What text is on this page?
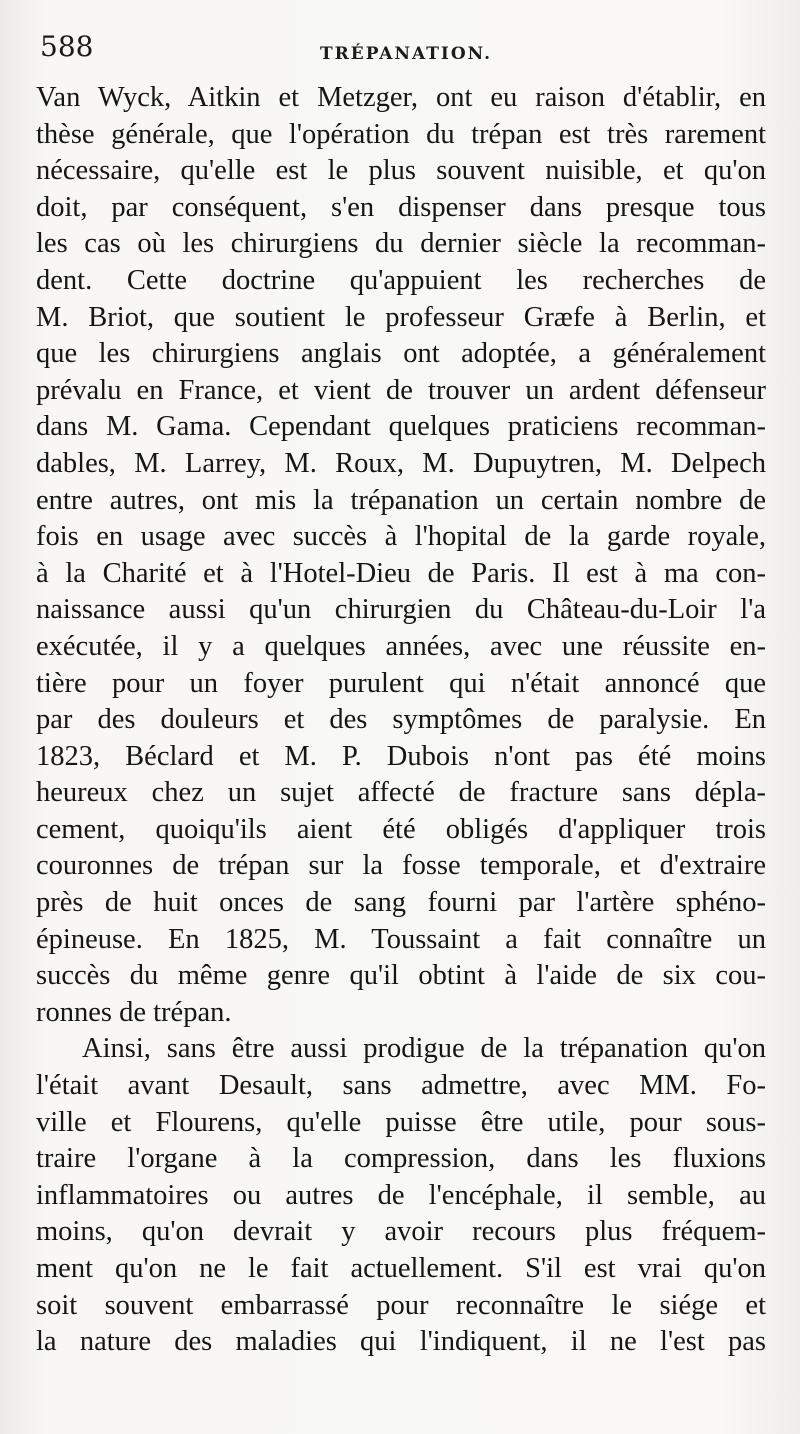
588	TRÉPANATION.
Van Wyck, Aitkin et Metzger, ont eu raison d'établir, en
thèse générale, que l'opération du trépan est très rarement
nécessaire, qu'elle est le plus souvent nuisible, et qu'on
doit, par conséquent, s'en dispenser dans presque tous
les cas où les chirurgiens du dernier siècle la recomman-
dent. Cette doctrine qu'appuient les recherches de
M. Briot, que soutient le professeur Græfe à Berlin, et
que les chirurgiens anglais ont adoptée, a généralement
prévalu en France, et vient de trouver un ardent défenseur
dans M. Gama. Cependant quelques praticiens recomman-
dables, M. Larrey, M. Roux, M. Dupuytren, M. Delpech
entre autres, ont mis la trépanation un certain nombre de
fois en usage avec succès à l'hopital de la garde royale,
à la Charité et à l'Hotel-Dieu de Paris. Il est à ma con-
naissance aussi qu'un chirurgien du Château-du-Loir l'a
exécutée, il y a quelques années, avec une réussite en-
tière pour un foyer purulent qui n'était annoncé que
par des douleurs et des symptômes de paralysie. En
1823, Béclard et M. P. Dubois n'ont pas été moins
heureux chez un sujet affecté de fracture sans dépla-
cement, quoiqu'ils aient été obligés d'appliquer trois
couronnes de trépan sur la fosse temporale, et d'extraire
près de huit onces de sang fourni par l'artère sphéno-
épineuse. En 1825, M. Toussaint a fait connaître un
succès du même genre qu'il obtint à l'aide de six cou-
ronnes de trépan.
Ainsi, sans être aussi prodigue de la trépanation qu'on
l'était avant Desault, sans admettre, avec MM. Fo-
ville et Flourens, qu'elle puisse être utile, pour sous-
traire l'organe à la compression, dans les fluxions
inflammatoires ou autres de l'encéphale, il semble, au
moins, qu'on devrait y avoir recours plus fréquem-
ment qu'on ne le fait actuellement. S'il est vrai qu'on
soit souvent embarrassé pour reconnaître le siége et
la nature des maladies qui l'indiquent, il ne l'est pas
